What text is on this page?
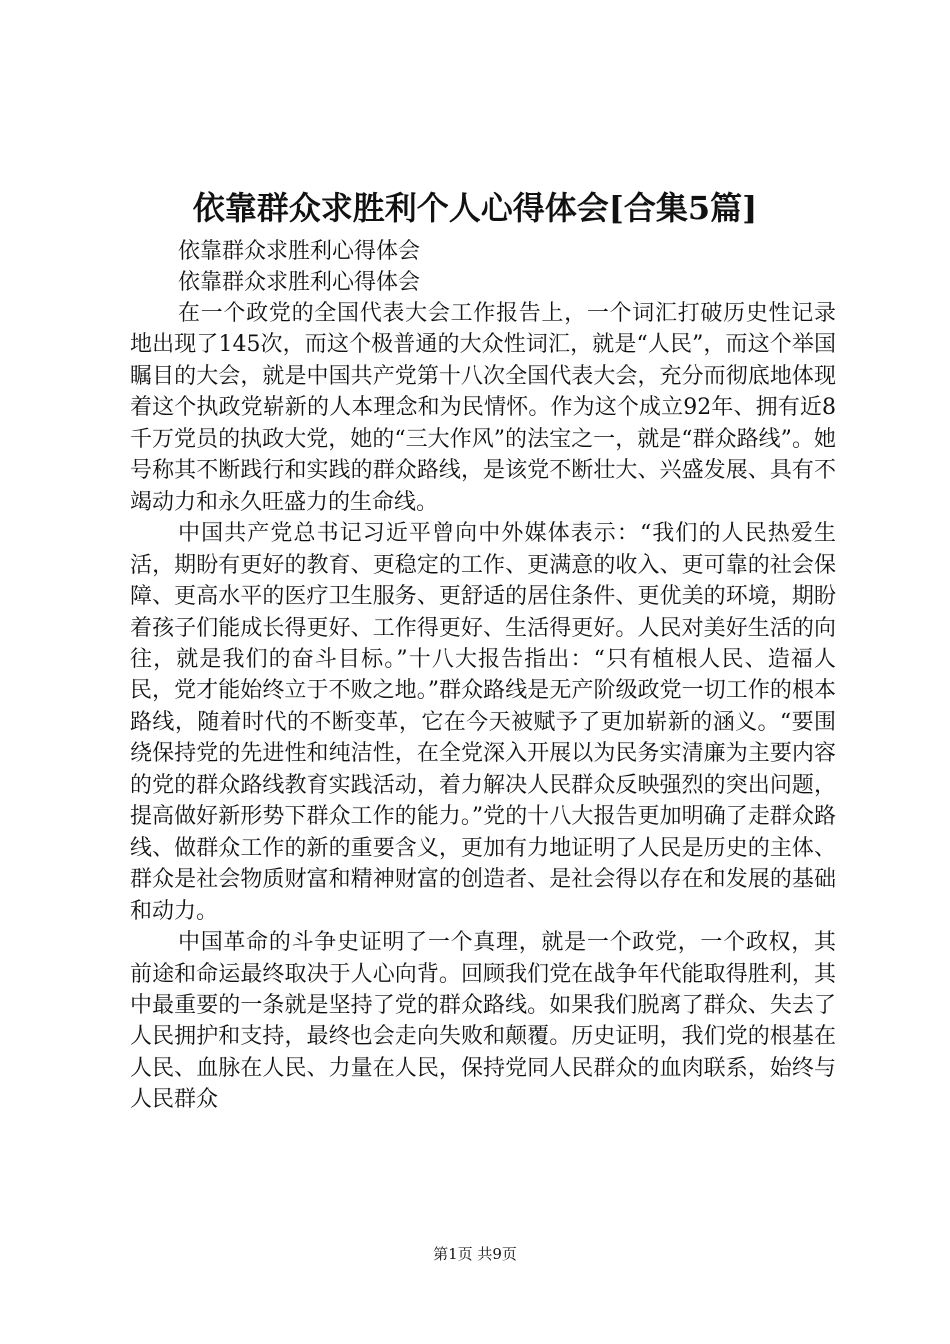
依靠群众求胜利个人心得体会[合集5篇]

依靠群众求胜利心得体会

依靠群众求胜利心得体会

在一个政党的全国代表大会工作报告上，一个词汇打破历史性记录地出现了145次，而这个极普通的大众性词汇，就是“人民”，而这个举国瞩目的大会，就是中国共产党第十八次全国代表大会，充分而彻底地体现着这个执政党崭新的人本理念和为民情怀。作为这个成立92年、拥有近8千万党员的执政大党，她的“三大作风”的法宝之一，就是“群众路线”。她号称其不断践行和实践的群众路线，是该党不断壮大、兴盛发展、具有不竭动力和永久旺盛力的生命线。

中国共产党总书记习近平曾向中外媒体表示：“我们的人民热爱生活，期盼有更好的教育、更稳定的工作、更满意的收入、更可靠的社会保障、更高水平的医疗卫生服务、更舒适的居住条件、更优美的环境，期盼着孩子们能成长得更好、工作得更好、生活得更好。人民对美好生活的向往，就是我们的奋斗目标。”十八大报告指出：“只有植根人民、造福人民，党才能始终立于不败之地。”群众路线是无产阶级政党一切工作的根本路线，随着时代的不断变革，它在今天被赋予了更加崭新的涵义。“要围绕保持党的先进性和纯洁性，在全党深入开展以为民务实清廉为主要内容的党的群众路线教育实践活动，着力解决人民群众反映强烈的突出问题，提高做好新形势下群众工作的能力。”党的十八大报告更加明确了走群众路线、做群众工作的新的重要含义，更加有力地证明了人民是历史的主体、群众是社会物质财富和精神财富的创造者、是社会得以存在和发展的基础和动力。

中国革命的斗争史证明了一个真理，就是一个政党，一个政权，其前途和命运最终取决于人心向背。回顾我们党在战争年代能取得胜利，其中最重要的一条就是坚持了党的群众路线。如果我们脱离了群众、失去了人民拥护和支持，最终也会走向失败和颠覆。历史证明，我们党的根基在人民、血脉在人民、力量在人民，保持党同人民群众的血肉联系，始终与人民群众

第1页 共9页
